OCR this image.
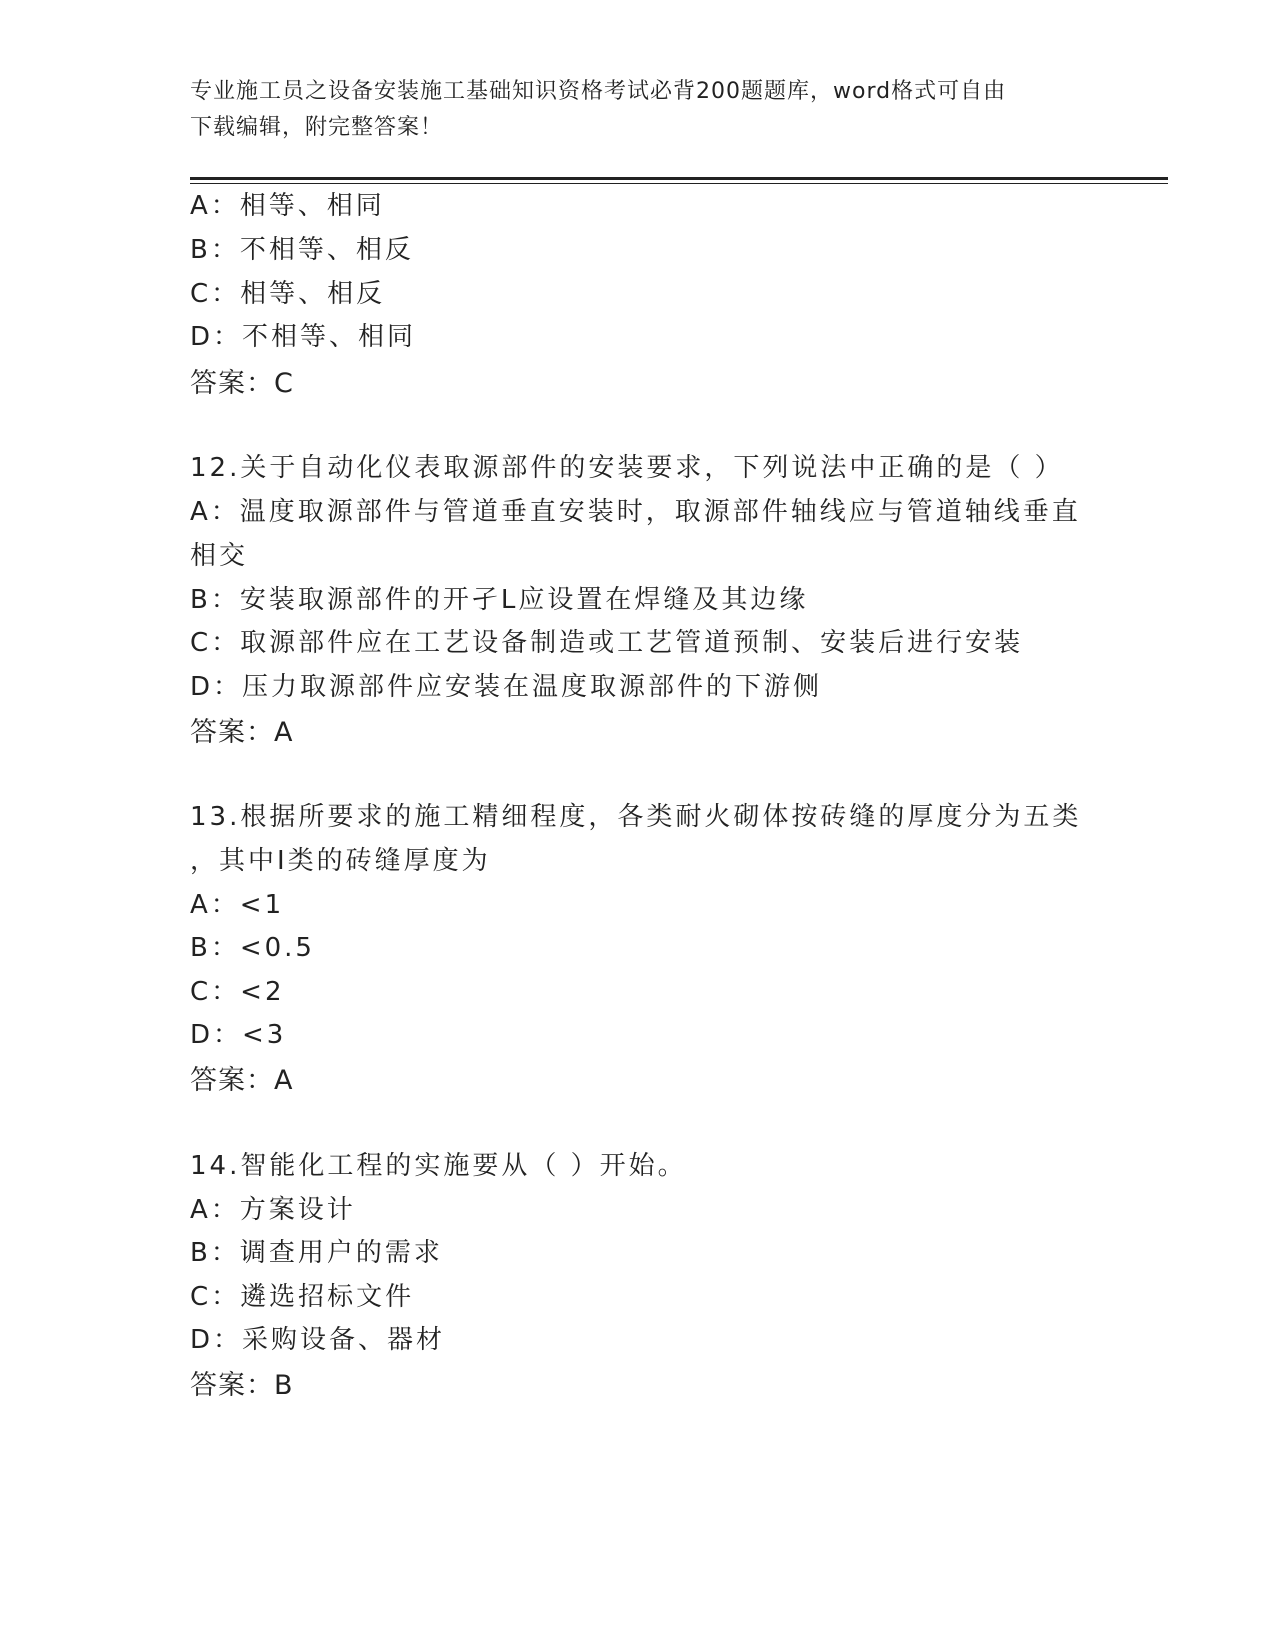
专业施工员之设备安装施工基础知识资格考试必背200题题库，word格式可自由
下载编辑，附完整答案！
A：相等、相同
B：不相等、相反
C：相等、相反
D：不相等、相同
答案：C
12.关于自动化仪表取源部件的安装要求，下列说法中正确的是（ ）
A：温度取源部件与管道垂直安装时，取源部件轴线应与管道轴线垂直
相交
B：安装取源部件的开孑L应设置在焊缝及其边缘
C：取源部件应在工艺设备制造或工艺管道预制、安装后进行安装
D：压力取源部件应安装在温度取源部件的下游侧
答案：A
13.根据所要求的施工精细程度，各类耐火砌体按砖缝的厚度分为五类
，其中Ⅰ类的砖缝厚度为
A：<1
B：<0.5
C：<2
D：<3
答案：A
14.智能化工程的实施要从（ ）开始。
A：方案设计
B：调查用户的需求
C：遴选招标文件
D：采购设备、器材
答案：B
